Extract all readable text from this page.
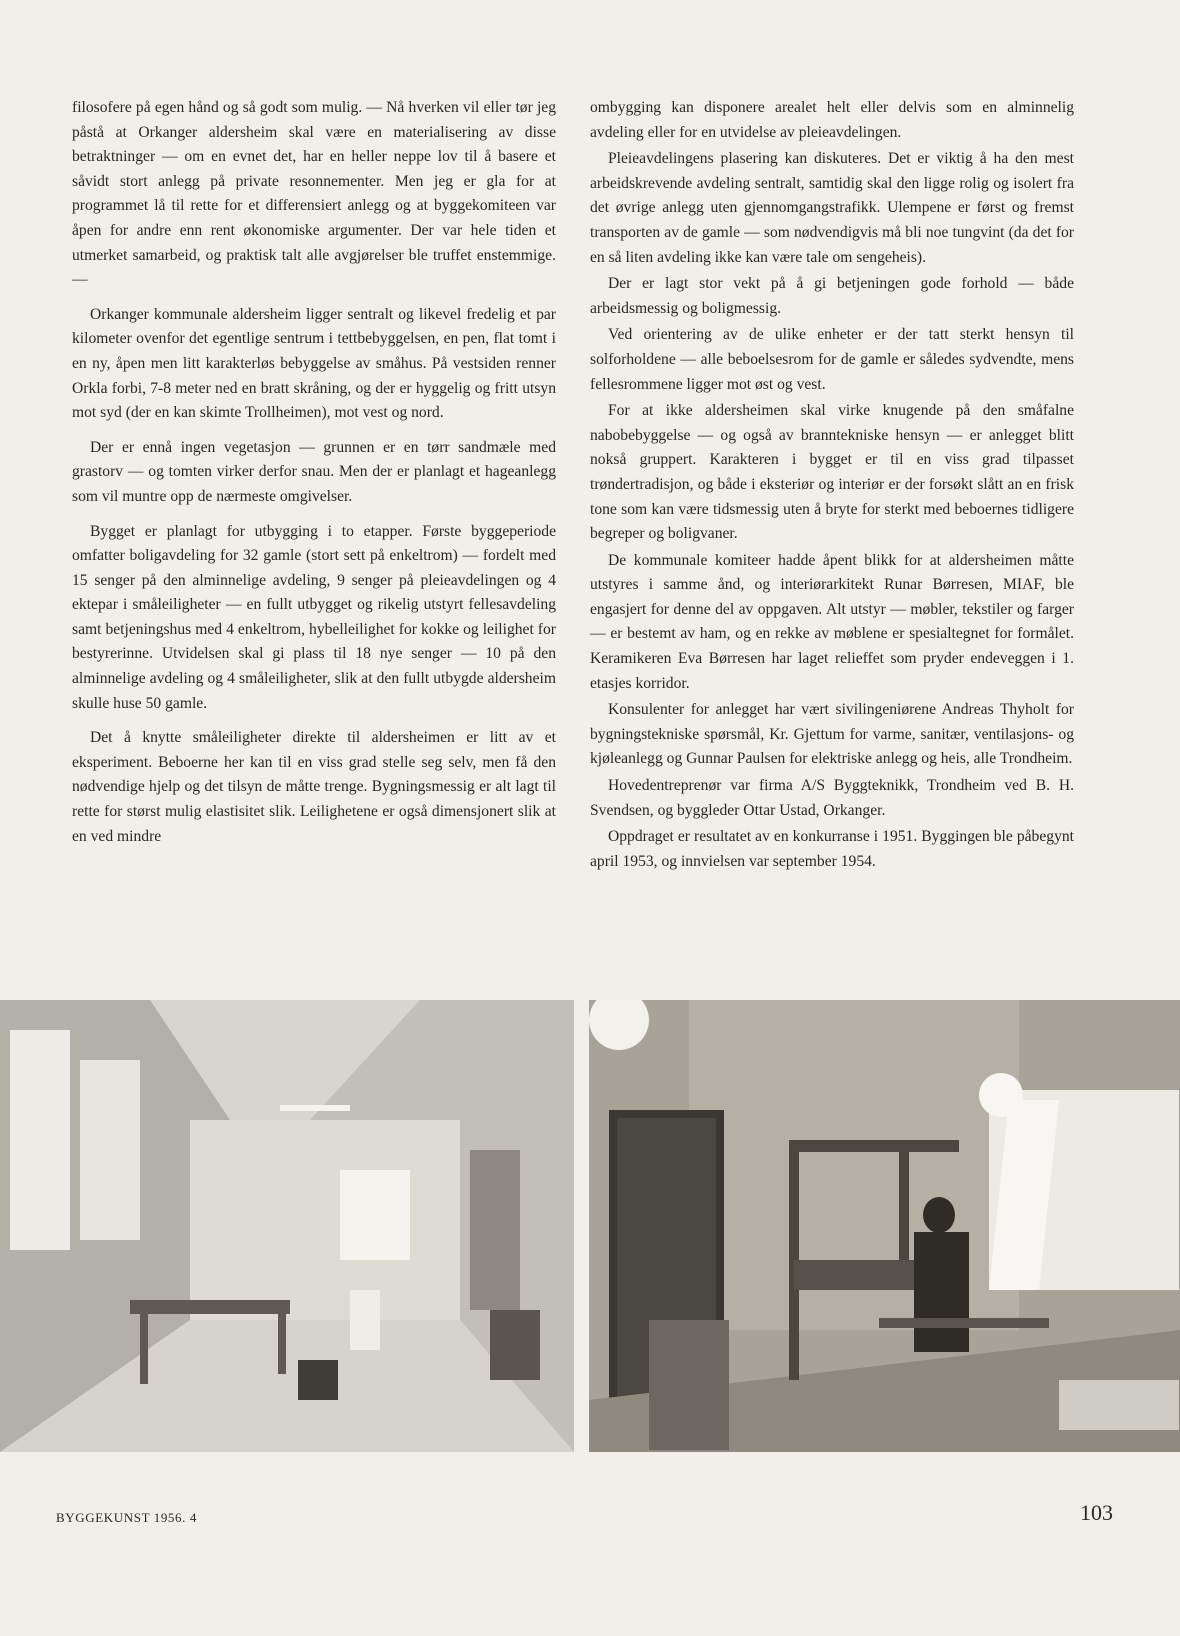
filosofere på egen hånd og så godt som mulig. — Nå hverken vil eller tør jeg påstå at Orkanger aldersheim skal være en materialisering av disse betraktninger — om en evnet det, har en heller neppe lov til å basere et såvidt stort anlegg på private resonnementer. Men jeg er gla for at programmet lå til rette for et differensiert anlegg og at byggekomiteen var åpen for andre enn rent økonomiske argumenter. Der var hele tiden et utmerket samarbeid, og praktisk talt alle avgjørelser ble truffet enstemmige. —

Orkanger kommunale aldersheim ligger sentralt og likevel fredelig et par kilometer ovenfor det egentlige sentrum i tettbebyggelsen, en pen, flat tomt i en ny, åpen men litt karakterløs bebyggelse av småhus. På vestsiden renner Orkla forbi, 7-8 meter ned en bratt skråning, og der er hyggelig og fritt utsyn mot syd (der en kan skimte Trollheimen), mot vest og nord.

Der er ennå ingen vegetasjon — grunnen er en tørr sandmæle med grastorv — og tomten virker derfor snau. Men der er planlagt et hageanlegg som vil muntre opp de nærmeste omgivelser.

Bygget er planlagt for utbygging i to etapper. Første byggeperiode omfatter boligavdeling for 32 gamle (stort sett på enkeltrom) — fordelt med 15 senger på den alminnelige avdeling, 9 senger på pleieavdelingen og 4 ektepar i småleiligheter — en fullt utbygget og rikelig utstyrt fellesavdeling samt betjeningshus med 4 enkeltrom, hybelleilighet for kokke og leilighet for bestyrerinne. Utvidelsen skal gi plass til 18 nye senger — 10 på den alminnelige avdeling og 4 småleiligheter, slik at den fullt utbygde aldersheim skulle huse 50 gamle.

Det å knytte småleiligheter direkte til aldersheimen er litt av et eksperiment. Beboerne her kan til en viss grad stelle seg selv, men få den nødvendige hjelp og det tilsyn de måtte trenge. Bygningsmessig er alt lagt til rette for størst mulig elastisitet slik. Leilighetene er også dimensjonert slik at en ved mindre

ombygging kan disponere arealet helt eller delvis som en alminnelig avdeling eller for en utvidelse av pleieavdelingen.

Pleieavdelingens plasering kan diskuteres. Det er viktig å ha den mest arbeidskrevende avdeling sentralt, samtidig skal den ligge rolig og isolert fra det øvrige anlegg uten gjennomgangstrafikk. Ulempene er først og fremst transporten av de gamle — som nødvendigvis må bli noe tungvint (da det for en så liten avdeling ikke kan være tale om sengeheis).

Der er lagt stor vekt på å gi betjeningen gode forhold — både arbeidsmessig og boligmessig.

Ved orientering av de ulike enheter er der tatt sterkt hensyn til solforholdene — alle beboelsesrom for de gamle er således sydvendte, mens fellesrommene ligger mot øst og vest.

For at ikke aldersheimen skal virke knugende på den småfalne nabobebyggelse — og også av branntekniske hensyn — er anlegget blitt nokså gruppert. Karakteren i bygget er til en viss grad tilpasset trøndertradisjon, og både i eksteriør og interiør er der forsøkt slått an en frisk tone som kan være tidsmessig uten å bryte for sterkt med beboernes tidligere begreper og boligvaner.

De kommunale komiteer hadde åpent blikk for at aldersheimen måtte utstyres i samme ånd, og interiørarkitekt Runar Børresen, MIAF, ble engasjert for denne del av oppgaven. Alt utstyr — møbler, tekstiler og farger — er bestemt av ham, og en rekke av møblene er spesialtegnet for formålet. Keramikeren Eva Børresen har laget relieffet som pryder endeveggen i 1. etasjes korridor.

Konsulenter for anlegget har vært sivilingeniørene Andreas Thyholt for bygningstekniske spørsmål, Kr. Gjettum for varme, sanitær, ventilasjons- og kjøleanlegg og Gunnar Paulsen for elektriske anlegg og heis, alle Trondheim.

Hovedentreprenør var firma A/S Byggteknikk, Trondheim ved B. H. Svendsen, og byggleder Ottar Ustad, Orkanger.

Oppdraget er resultatet av en konkurranse i 1951. Byggingen ble påbegynt april 1953, og innvielsen var september 1954.

BYGGEKUNST 1956. 4	103
